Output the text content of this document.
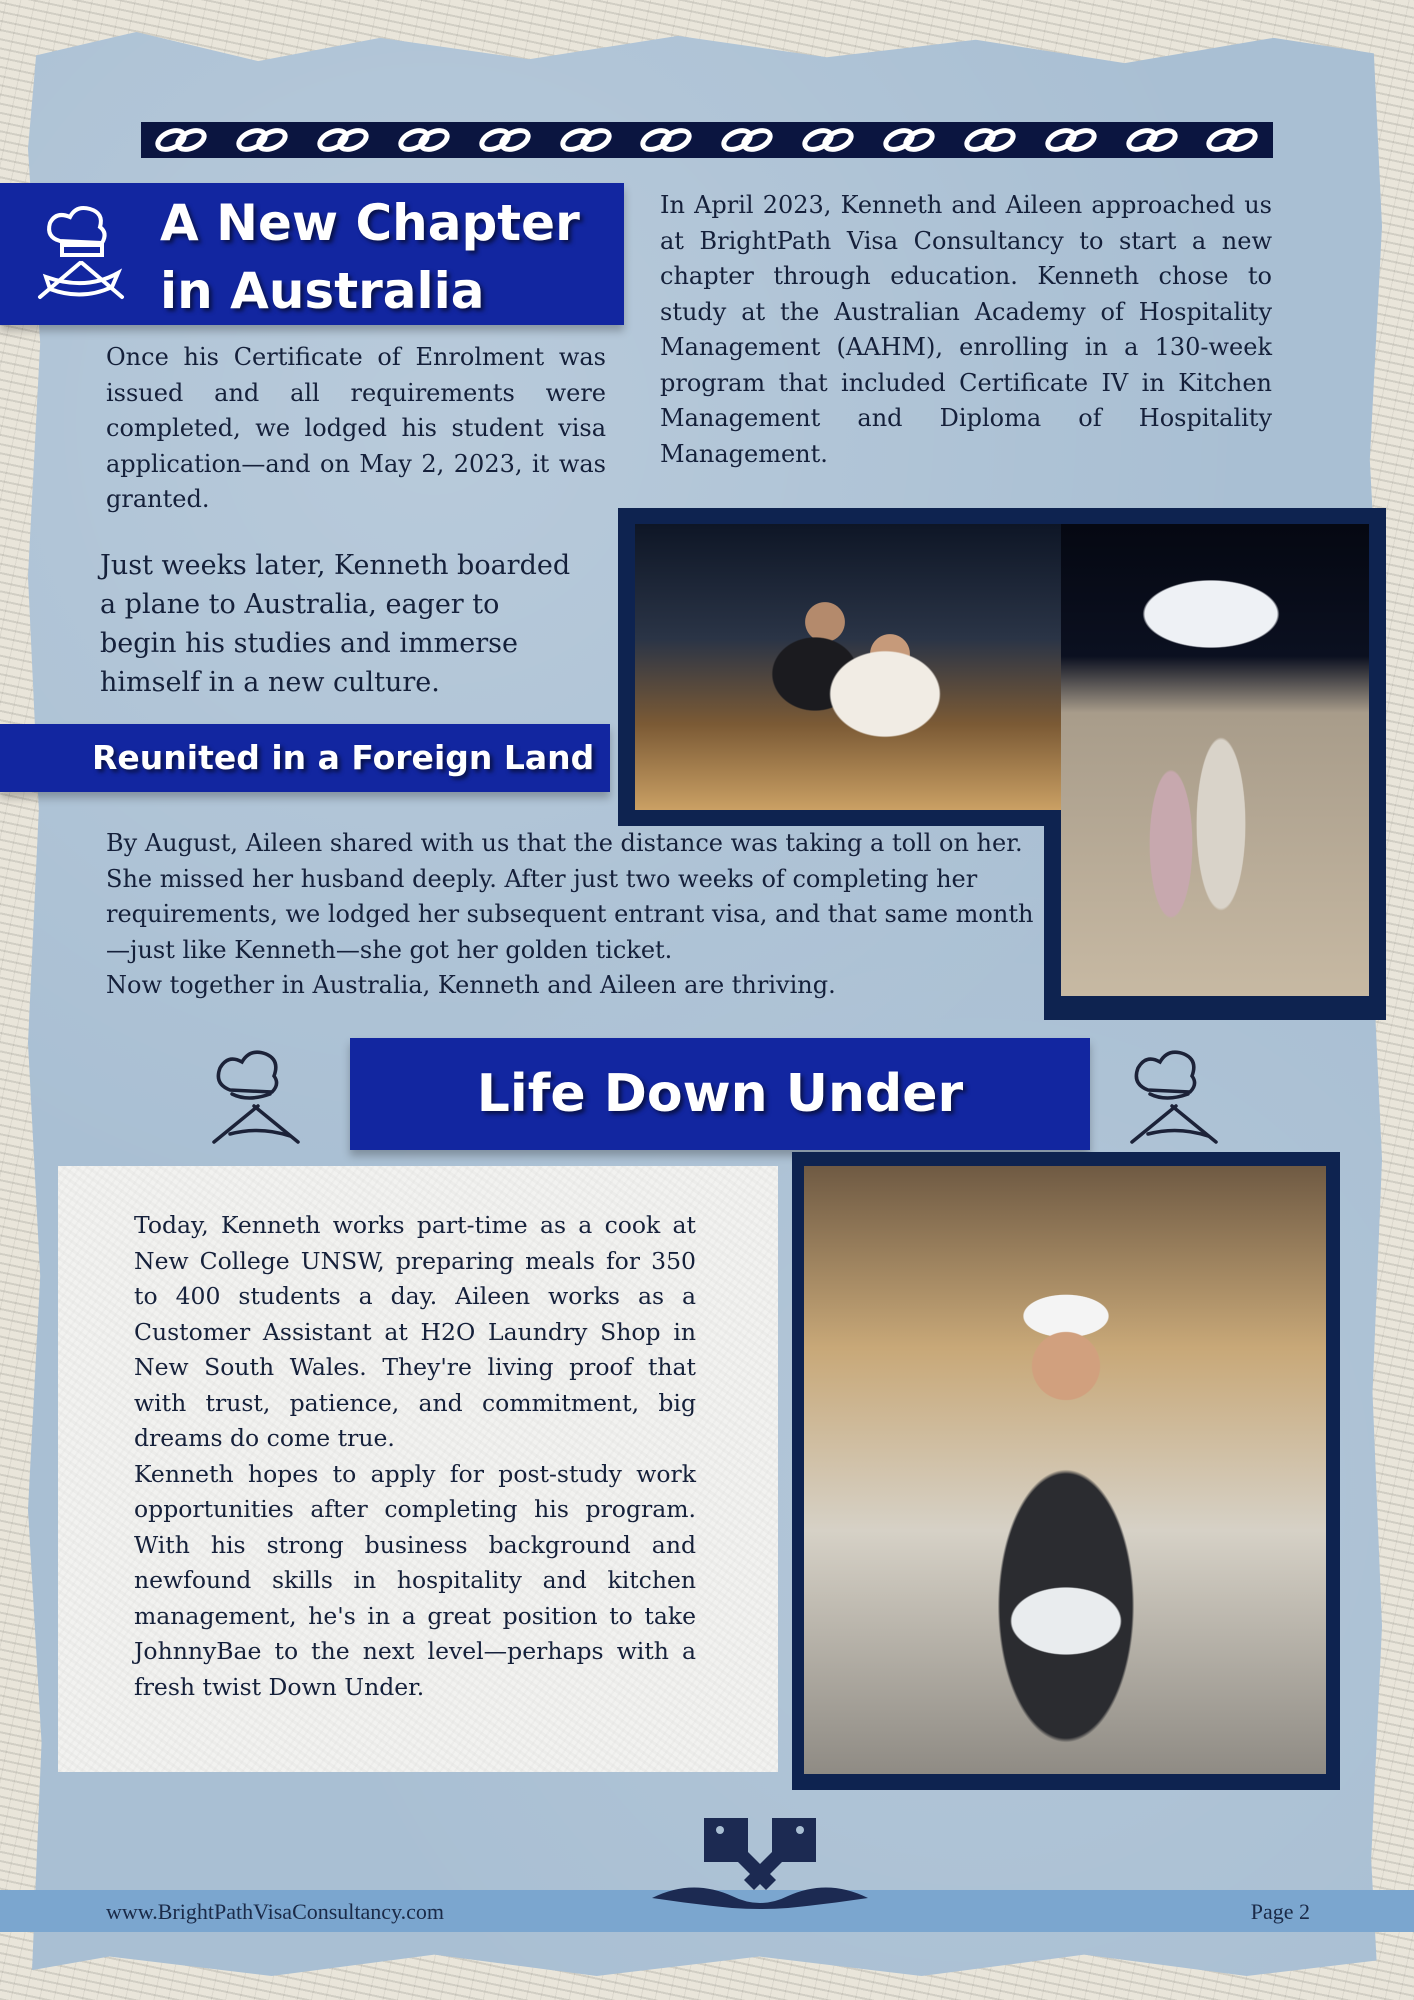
A New Chapter
in Australia

In April 2023, Kenneth and Aileen approached us at BrightPath Visa Consultancy to start a new chapter through education. Kenneth chose to study at the Australian Academy of Hospitality Management (AAHM), enrolling in a 130-week program that included Certificate IV in Kitchen Management and Diploma of Hospitality Management.

Once his Certificate of Enrolment was issued and all requirements were completed, we lodged his student visa application—and on May 2, 2023, it was granted.

Just weeks later, Kenneth boarded a plane to Australia, eager to begin his studies and immerse himself in a new culture.

Reunited in a Foreign Land

By August, Aileen shared with us that the distance was taking a toll on her. She missed her husband deeply. After just two weeks of completing her requirements, we lodged her subsequent entrant visa, and that same month—just like Kenneth—she got her golden ticket.

Now together in Australia, Kenneth and Aileen are thriving.

Life Down Under

Today, Kenneth works part-time as a cook at New College UNSW, preparing meals for 350 to 400 students a day. Aileen works as a Customer Assistant at H2O Laundry Shop in New South Wales. They're living proof that with trust, patience, and commitment, big dreams do come true.

Kenneth hopes to apply for post-study work opportunities after completing his program. With his strong business background and newfound skills in hospitality and kitchen management, he's in a great position to take JohnnyBae to the next level—perhaps with a fresh twist Down Under.

www.BrightPathVisaConsultancy.com	Page 2
